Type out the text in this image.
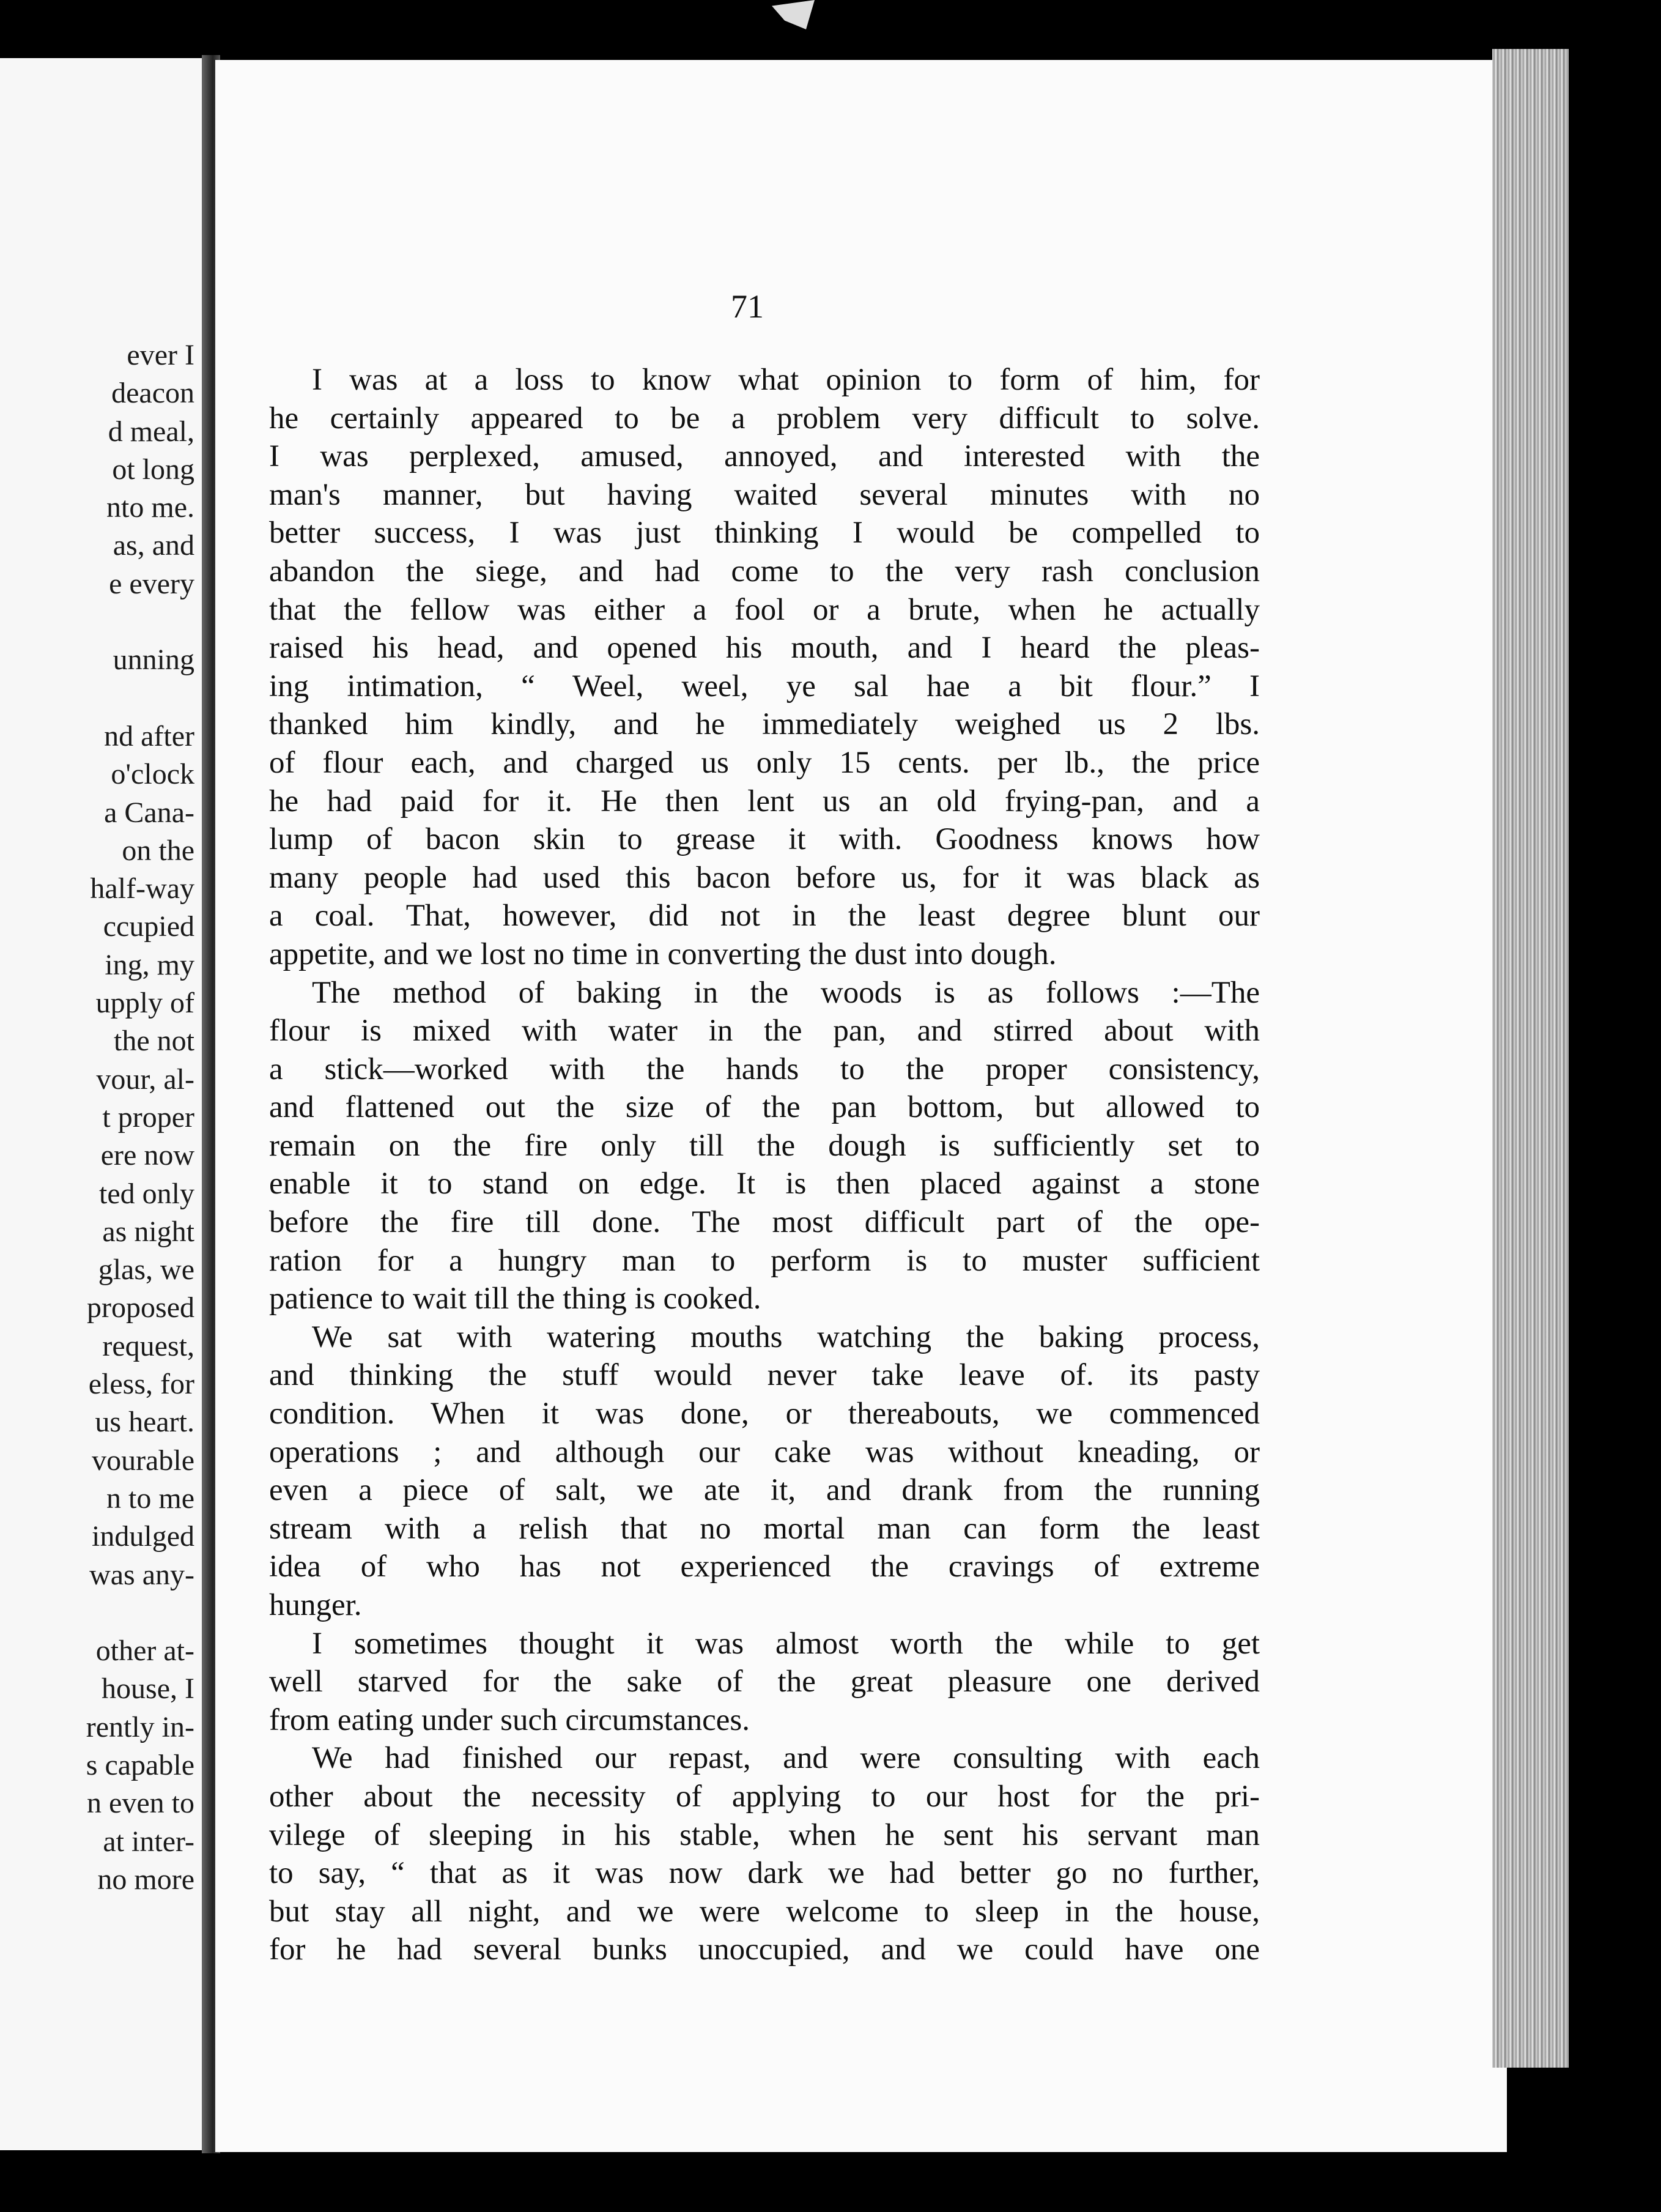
ever I
deacon
d meal,
ot long
nto me.
as, and
e every
unning
nd after
o'clock
a Cana-
on the
half-way
ccupied
ing, my
upply of
the not
vour, al-
t proper
ere now
ted only
as night
glas, we
proposed
request,
eless, for
us heart.
vourable
n to me
indulged
was any-
other at-
house, I
rently in-
s capable
n even to
at inter-
no more
71
I was at a loss to know what opinion to form of him, for
he certainly appeared to be a problem very difficult to solve.
I was perplexed, amused, annoyed, and interested with the
man's manner, but having waited several minutes with no
better success, I was just thinking I would be compelled to
abandon the siege, and had come to the very rash conclusion
that the fellow was either a fool or a brute, when he actually
raised his head, and opened his mouth, and I heard the pleas-
ing intimation, “ Weel, weel, ye sal hae a bit flour.” I
thanked him kindly, and he immediately weighed us 2 lbs.
of flour each, and charged us only 15 cents. per lb., the price
he had paid for it. He then lent us an old frying-pan, and a
lump of bacon skin to grease it with. Goodness knows how
many people had used this bacon before us, for it was black as
a coal. That, however, did not in the least degree blunt our
appetite, and we lost no time in converting the dust into dough.
The method of baking in the woods is as follows :—The
flour is mixed with water in the pan, and stirred about with
a stick—worked with the hands to the proper consistency,
and flattened out the size of the pan bottom, but allowed to
remain on the fire only till the dough is sufficiently set to
enable it to stand on edge. It is then placed against a stone
before the fire till done. The most difficult part of the ope-
ration for a hungry man to perform is to muster sufficient
patience to wait till the thing is cooked.
We sat with watering mouths watching the baking process,
and thinking the stuff would never take leave of. its pasty
condition. When it was done, or thereabouts, we commenced
operations ; and although our cake was without kneading, or
even a piece of salt, we ate it, and drank from the running
stream with a relish that no mortal man can form the least
idea of who has not experienced the cravings of extreme
hunger.
I sometimes thought it was almost worth the while to get
well starved for the sake of the great pleasure one derived
from eating under such circumstances.
We had finished our repast, and were consulting with each
other about the necessity of applying to our host for the pri-
vilege of sleeping in his stable, when he sent his servant man
to say, “ that as it was now dark we had better go no further,
but stay all night, and we were welcome to sleep in the house,
for he had several bunks unoccupied, and we could have one
